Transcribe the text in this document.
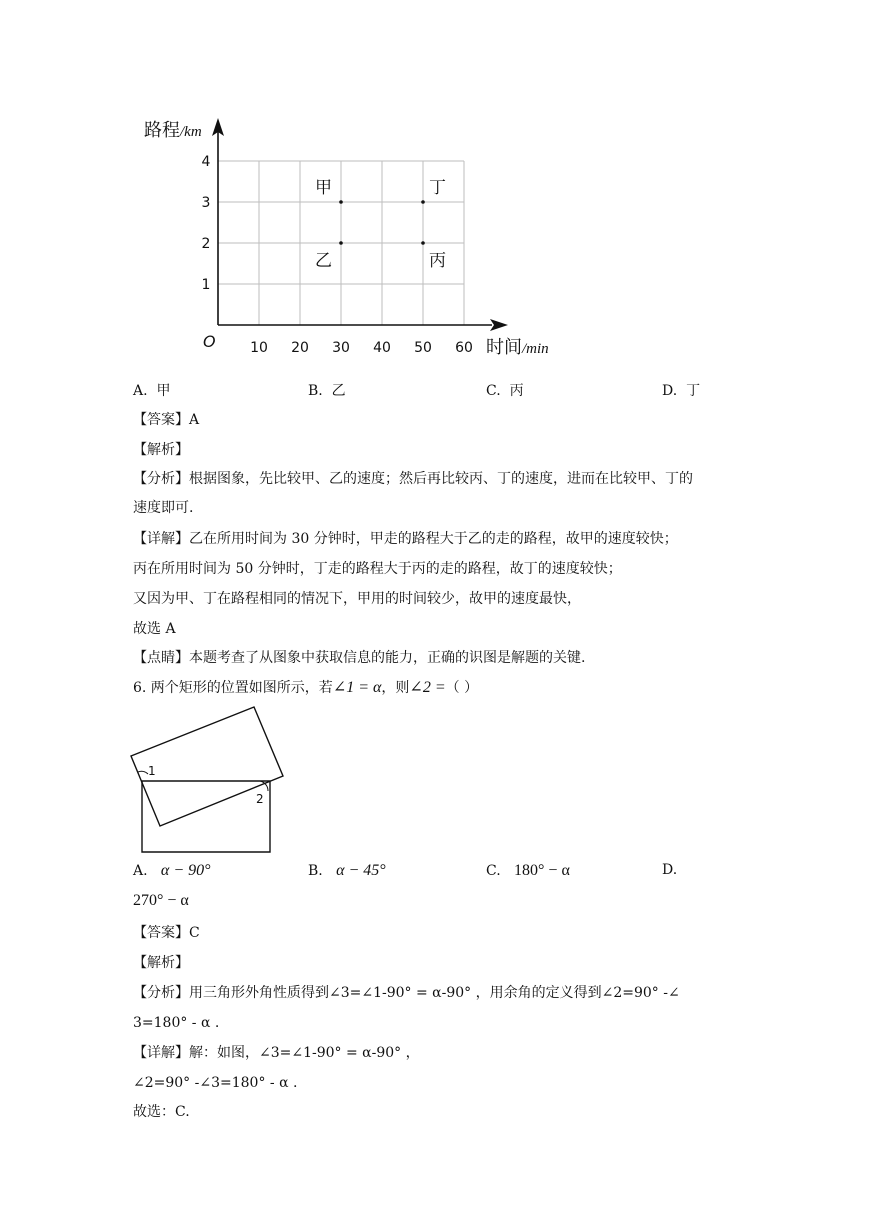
10 20 30 40 50 60
1
2
3
4
甲
乙	丙
丁
路程/km
时间/min
O
A. 甲	B. 乙	C. 丙	D. 丁
【答案】A
【解析】
【分析】根据图象，先比较甲、乙的速度；然后再比较丙、丁的速度，进而在比较甲、丁的
速度即可.
【详解】乙在所用时间为 30 分钟时，甲走的路程大于乙的走的路程，故甲的速度较快；
丙在所用时间为 50 分钟时，丁走的路程大于丙的走的路程，故丁的速度较快；
又因为甲、丁在路程相同的情况下，甲用的时间较少，故甲的速度最快，
故选 A
【点睛】本题考查了从图象中获取信息的能力，正确的识图是解题的关键.
6. 两个矩形的位置如图所示，若∠1 = α，则∠2 =（ ）
1
2
A. α − 90°	B. α − 45°	C. 180° − α	D.
270° − α
【答案】C
【解析】
【分析】用三角形外角性质得到∠3=∠1-90° = α-90° ，用余角的定义得到∠2=90° -∠
3=180° - α .
【详解】解：如图，∠3=∠1-90° = α-90° ，
∠2=90° -∠3=180° - α .
故选：C.
